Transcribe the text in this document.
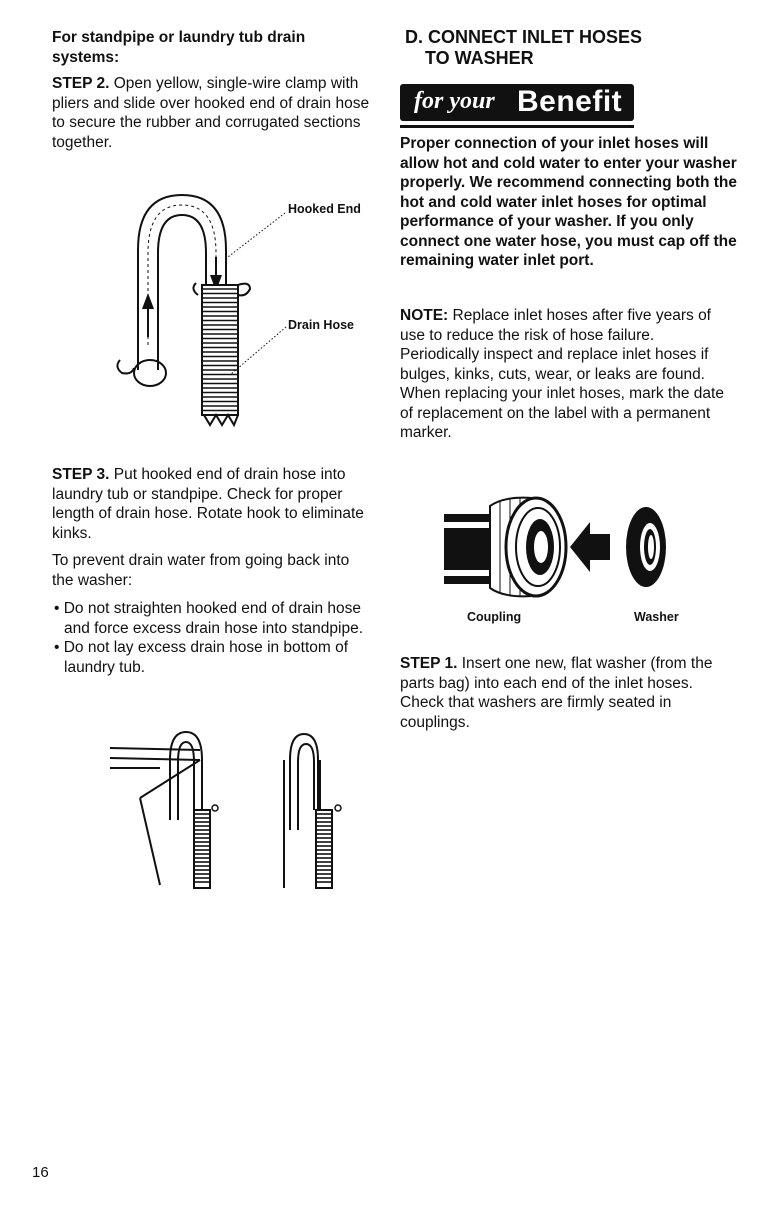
For standpipe or laundry tub drain systems:

STEP 2. Open yellow, single-wire clamp with pliers and slide over hooked end of drain hose to secure the rubber and corrugated sections together.

STEP 3. Put hooked end of drain hose into laundry tub or standpipe. Check for proper length of drain hose. Rotate hook to eliminate kinks.

To prevent drain water from going back into the washer:

• Do not straighten hooked end of drain hose and force excess drain hose into standpipe.
• Do not lay excess drain hose in bottom of laundry tub.
Hooked End
Drain Hose
D. CONNECT INLET HOSES
TO WASHER

Proper connection of your inlet hoses will allow hot and cold water to enter your washer properly. We recommend connecting both the hot and cold water inlet hoses for optimal performance of your washer. If you only connect one water hose, you must cap off the remaining water inlet port.

NOTE: Replace inlet hoses after five years of use to reduce the risk of hose failure. Periodically inspect and replace inlet hoses if bulges, kinks, cuts, wear, or leaks are found. When replacing your inlet hoses, mark the date of replacement on the label with a permanent marker.

STEP 1. Insert one new, flat washer (from the parts bag) into each end of the inlet hoses. Check that washers are firmly seated in couplings.

for your Benefit
Coupling	Washer
16
